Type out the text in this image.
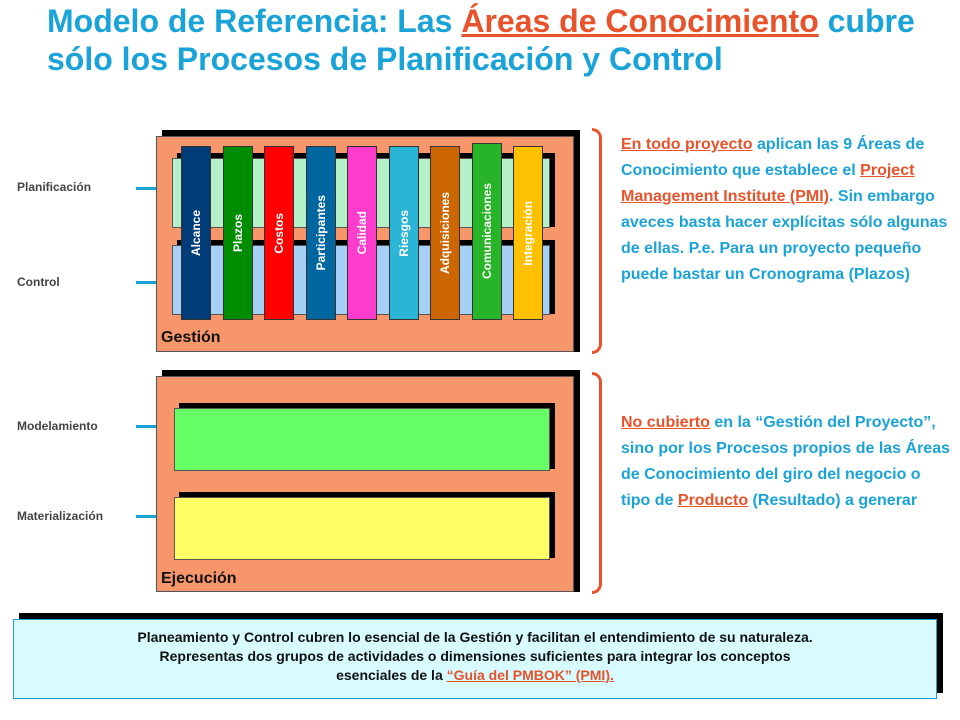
Modelo de Referencia: Las Áreas de Conocimiento cubre sólo los Procesos de Planificación y Control
Planificación
Control
Modelamiento
Materialización
Alcance Plazos Costos Participantes Calidad Riesgos Adquisiciones Comunicaciones Integración
Gestión
Ejecución
En todo proyecto aplican las 9 Áreas de Conocimiento que establece el Project Management Institute (PMI). Sin embargo aveces basta hacer explícitas sólo algunas de ellas. P.e. Para un proyecto pequeño puede bastar un Cronograma (Plazos)
No cubierto en la “Gestión del Proyecto”, sino por los Procesos propios de las Áreas de Conocimiento del giro del negocio o tipo de Producto (Resultado) a generar
Planeamiento y Control cubren lo esencial de la Gestión y facilitan el entendimiento de su naturaleza.
Representas dos grupos de actividades o dimensiones suficientes para integrar los conceptos
esenciales de la “Guía del PMBOK” (PMI).
